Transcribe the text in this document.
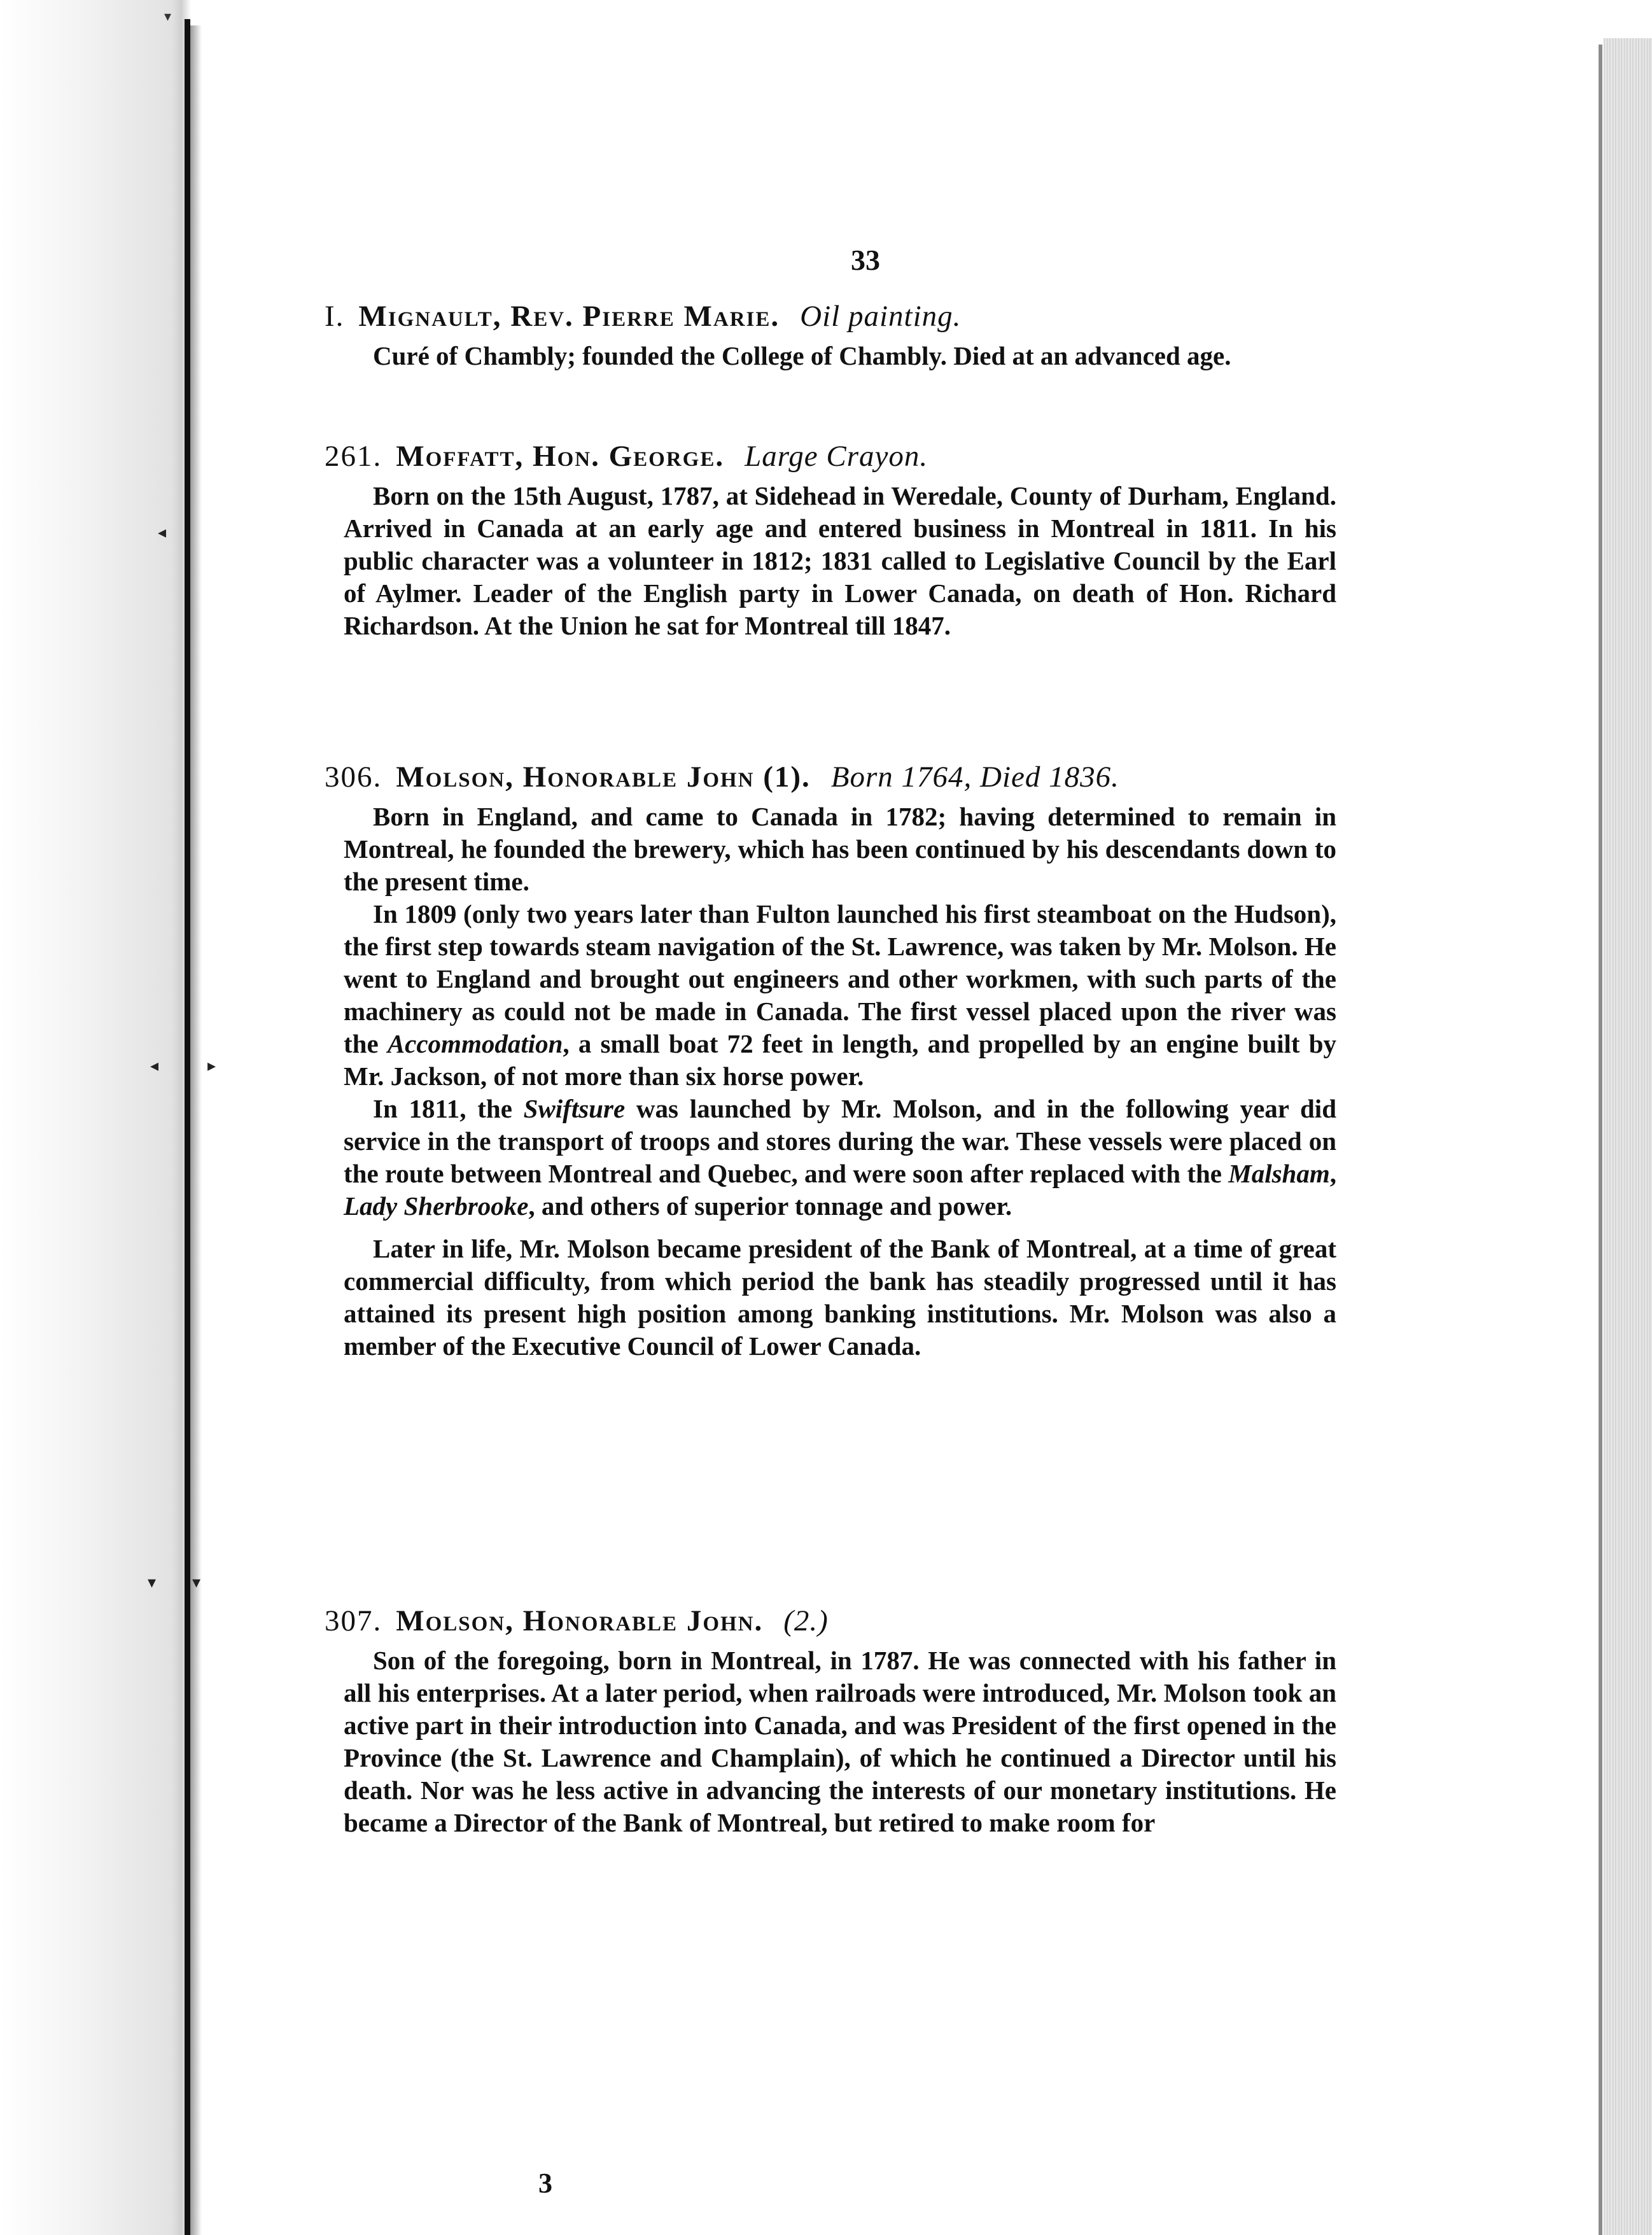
▾
◂
◂	▸
▾ ▾
33
I. Mignault, Rev. Pierre Marie. Oil painting.

Curé of Chambly; founded the College of Chambly. Died at an advanced age.

261. Moffatt, Hon. George. Large Crayon.

Born on the 15th August, 1787, at Sidehead in Weredale, County of Durham, England. Arrived in Canada at an early age and entered business in Montreal in 1811. In his public character was a volunteer in 1812; 1831 called to Legislative Council by the Earl of Aylmer. Leader of the English party in Lower Canada, on death of Hon. Richard Richardson. At the Union he sat for Montreal till 1847.

306. Molson, Honorable John (1). Born 1764, Died 1836.

Born in England, and came to Canada in 1782; having determined to remain in Montreal, he founded the brewery, which has been continued by his descendants down to the present time.

In 1809 (only two years later than Fulton launched his first steamboat on the Hudson), the first step towards steam navigation of the St. Lawrence, was taken by Mr. Molson. He went to England and brought out engineers and other workmen, with such parts of the machinery as could not be made in Canada. The first vessel placed upon the river was the Accommodation, a small boat 72 feet in length, and propelled by an engine built by Mr. Jackson, of not more than six horse power.

In 1811, the Swiftsure was launched by Mr. Molson, and in the following year did service in the transport of troops and stores during the war. These vessels were placed on the route between Montreal and Quebec, and were soon after replaced with the Malsham, Lady Sherbrooke, and others of superior tonnage and power.

Later in life, Mr. Molson became president of the Bank of Montreal, at a time of great commercial difficulty, from which period the bank has steadily progressed until it has attained its present high position among banking institutions. Mr. Molson was also a member of the Executive Council of Lower Canada.

307. Molson, Honorable John. (2.)

Son of the foregoing, born in Montreal, in 1787. He was connected with his father in all his enterprises. At a later period, when railroads were introduced, Mr. Molson took an active part in their introduction into Canada, and was President of the first opened in the Province (the St. Lawrence and Champlain), of which he continued a Director until his death. Nor was he less active in advancing the interests of our monetary institutions. He became a Director of the Bank of Montreal, but retired to make room for

3
